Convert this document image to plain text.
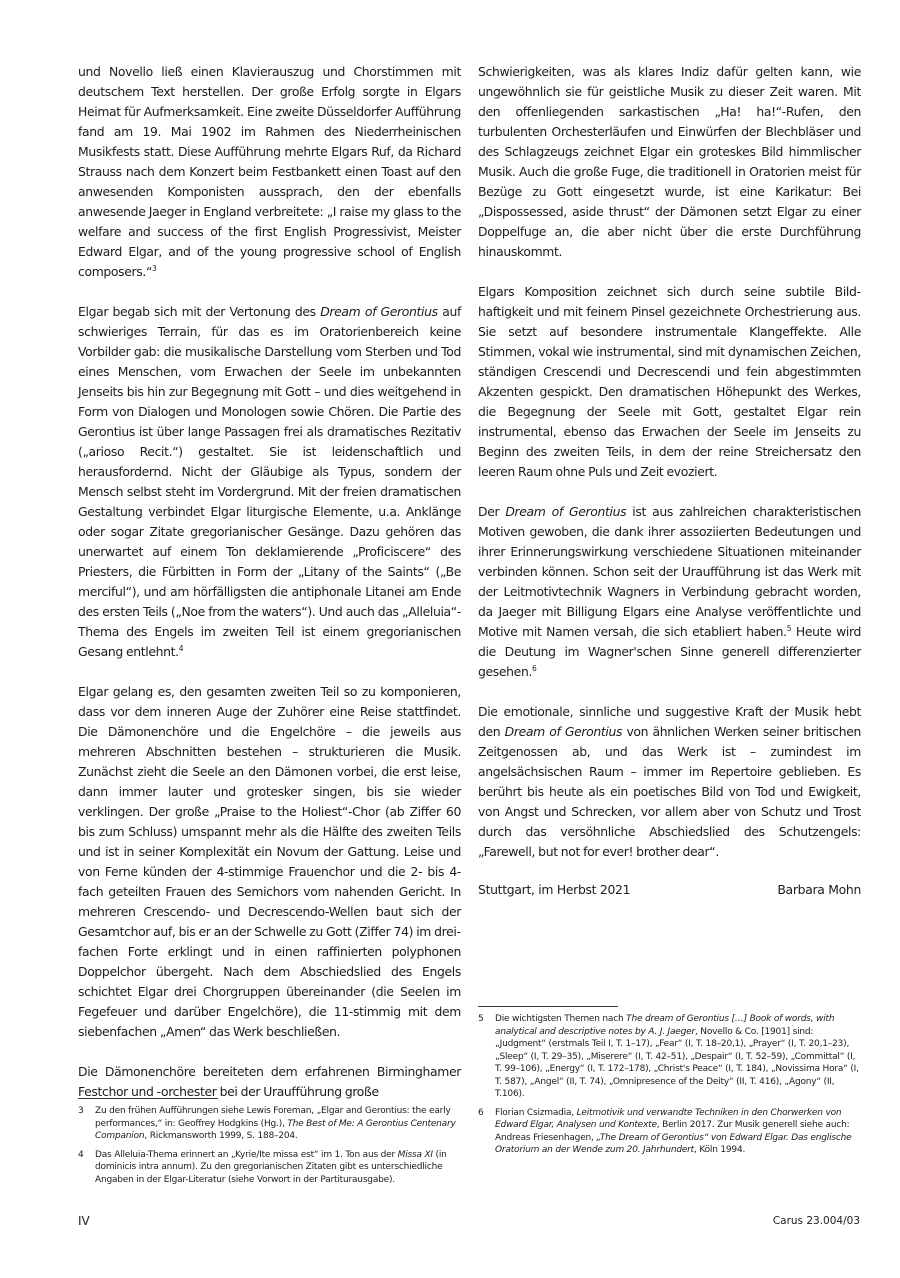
und Novello ließ einen Klavierauszug und Chorstimmen mit deutschem Text herstellen. Der große Erfolg sorgte in Elgars Heimat für Aufmerksamkeit. Eine zweite Düsseldorfer Aufführung fand am 19. Mai 1902 im Rahmen des Niederrheinischen Musikfests statt. Diese Aufführung mehrte Elgars Ruf, da Richard Strauss nach dem Konzert beim Festbankett einen Toast auf den anwesenden Komponisten aussprach, den der ebenfalls anwesende Jaeger in England verbreitete: „I raise my glass to the welfare and success of the first English Progressivist, Meister Edward Elgar, and of the young progressive school of English composers.“$^3$

Elgar begab sich mit der Vertonung des Dream of Gerontius auf schwieriges Terrain, für das es im Oratorienbereich keine Vorbilder gab: die musikalische Darstellung vom Sterben und Tod eines Menschen, vom Erwachen der Seele im unbekannten Jenseits bis hin zur Begegnung mit Gott – und dies weitgehend in Form von Dialogen und Monologen sowie Chören. Die Partie des Gerontius ist über lange Passagen frei als dramatisches Rezitativ („arioso Recit.“) gestaltet. Sie ist leidenschaftlich und herausfordernd. Nicht der Gläubige als Typus, sondern der Mensch selbst steht im Vordergrund. Mit der freien dramatischen Gestaltung verbindet Elgar liturgische Elemente, u.a. Anklänge oder sogar Zitate gregorianischer Gesänge. Dazu gehören das unerwartet auf einem Ton deklamierende „Proficiscere“ des Priesters, die Fürbitten in Form der „Litany of the Saints“ („Be merciful“), und am hörfälligsten die antiphonale Litanei am Ende des ersten Teils („Noe from the waters“). Und auch das „Alleluia“-Thema des Engels im zweiten Teil ist einem gregorianischen Gesang entlehnt.$^4$

Elgar gelang es, den gesamten zweiten Teil so zu komponieren, dass vor dem inneren Auge der Zuhörer eine Reise stattfindet. Die Dämonenchöre und die Engelchöre – die jeweils aus mehreren Abschnitten bestehen – strukturieren die Musik. Zunächst zieht die Seele an den Dämonen vorbei, die erst leise, dann immer lauter und grotesker singen, bis sie wieder verklingen. Der große „Praise to the Holiest“-Chor (ab Ziffer 60 bis zum Schluss) umspannt mehr als die Hälfte des zweiten Teils und ist in seiner Komplexität ein Novum der Gattung. Leise und von Ferne künden der 4-stimmige Frauenchor und die 2- bis 4-fach geteilten Frauen des Semichors vom nahenden Gericht. In mehreren Crescendo- und Decrescendo-Wellen baut sich der Gesamtchor auf, bis er an der Schwelle zu Gott (Ziffer 74) im dreifachen Forte erklingt und in einen raffinierten polyphonen Doppelchor übergeht. Nach dem Abschiedslied des Engels schichtet Elgar drei Chorgruppen übereinander (die Seelen im Fegefeuer und darüber Engelchöre), die 11-stimmig mit dem siebenfachen „Amen“ das Werk beschließen.

Die Dämonenchöre bereiteten dem erfahrenen Birminghamer Festchor und -orchester bei der Uraufführung große

Schwierigkeiten, was als klares Indiz dafür gelten kann, wie ungewöhnlich sie für geistliche Musik zu dieser Zeit waren. Mit den offenliegenden sarkastischen „Ha! ha!“-Rufen, den turbulenten Orchesterläufen und Einwürfen der Blechbläser und des Schlagzeugs zeichnet Elgar ein groteskes Bild himmlischer Musik. Auch die große Fuge, die traditionell in Oratorien meist für Bezüge zu Gott eingesetzt wurde, ist eine Karikatur: Bei „Dispossessed, aside thrust“ der Dämonen setzt Elgar zu einer Doppelfuge an, die aber nicht über die erste Durchführung hinauskommt.

Elgars Komposition zeichnet sich durch seine subtile Bildhaftigkeit und mit feinem Pinsel gezeichnete Orchestrierung aus. Sie setzt auf besondere instrumentale Klangeffekte. Alle Stimmen, vokal wie instrumental, sind mit dynamischen Zeichen, ständigen Crescendi und Decrescendi und fein abgestimmten Akzenten gespickt. Den dramatischen Höhepunkt des Werkes, die Begegnung der Seele mit Gott, gestaltet Elgar rein instrumental, ebenso das Erwachen der Seele im Jenseits zu Beginn des zweiten Teils, in dem der reine Streichersatz den leeren Raum ohne Puls und Zeit evoziert.

Der Dream of Gerontius ist aus zahlreichen charakteristischen Motiven gewoben, die dank ihrer assoziierten Bedeutungen und ihrer Erinnerungswirkung verschiedene Situationen miteinander verbinden können. Schon seit der Uraufführung ist das Werk mit der Leitmotivtechnik Wagners in Verbindung gebracht worden, da Jaeger mit Billigung Elgars eine Analyse veröffentlichte und Motive mit Namen versah, die sich etabliert haben.$^5$ Heute wird die Deutung im Wagner'schen Sinne generell differenzierter gesehen.$^6$

Die emotionale, sinnliche und suggestive Kraft der Musik hebt den Dream of Gerontius von ähnlichen Werken seiner britischen Zeitgenossen ab, und das Werk ist – zumindest im angelsächsischen Raum – immer im Repertoire geblieben. Es berührt bis heute als ein poetisches Bild von Tod und Ewigkeit, von Angst und Schrecken, vor allem aber von Schutz und Trost durch das versöhnliche Abschiedslied des Schutzengels: „Farewell, but not for ever! brother dear“.

Stuttgart, im Herbst 2021	Barbara Mohn
3	Zu den frühen Aufführungen siehe Lewis Foreman, „Elgar and Gerontius: the early performances,“ in: Geoffrey Hodgkins (Hg.), The Best of Me: A Gerontius Centenary Companion, Rickmansworth 1999, S. 188–204.
4	Das Alleluia-Thema erinnert an „Kyrie/Ite missa est“ im 1. Ton aus der Missa XI (in dominicis intra annum). Zu den gregorianischen Zitaten gibt es unterschiedliche Angaben in der Elgar-Literatur (siehe Vorwort in der Partiturausgabe).
5	Die wichtigsten Themen nach The dream of Gerontius […] Book of words, with analytical and descriptive notes by A. J. Jaeger, Novello & Co. [1901] sind: „Judgment“ (erstmals Teil I, T. 1–17), „Fear“ (I, T. 18–20,1), „Prayer“ (I, T. 20,1–23), „Sleep“ (I, T. 29–35), „Miserere“ (I, T. 42–51), „Despair“ (I, T. 52–59), „Committal“ (I, T. 99–106), „Energy“ (I, T. 172–178), „Christ's Peace“ (I, T. 184), „Novissima Hora“ (I, T. 587), „Angel“ (II, T. 74), „Omnipresence of the Deity“ (II, T. 416), „Agony“ (II, T.106).
6	Florian Csizmadia, Leitmotivik und verwandte Techniken in den Chorwerken von Edward Elgar, Analysen und Kontexte, Berlin 2017. Zur Musik generell siehe auch: Andreas Friesenhagen, „The Dream of Gerontius“ von Edward Elgar. Das englische Oratorium an der Wende zum 20. Jahrhundert, Köln 1994.
IV	Carus 23.004/03
